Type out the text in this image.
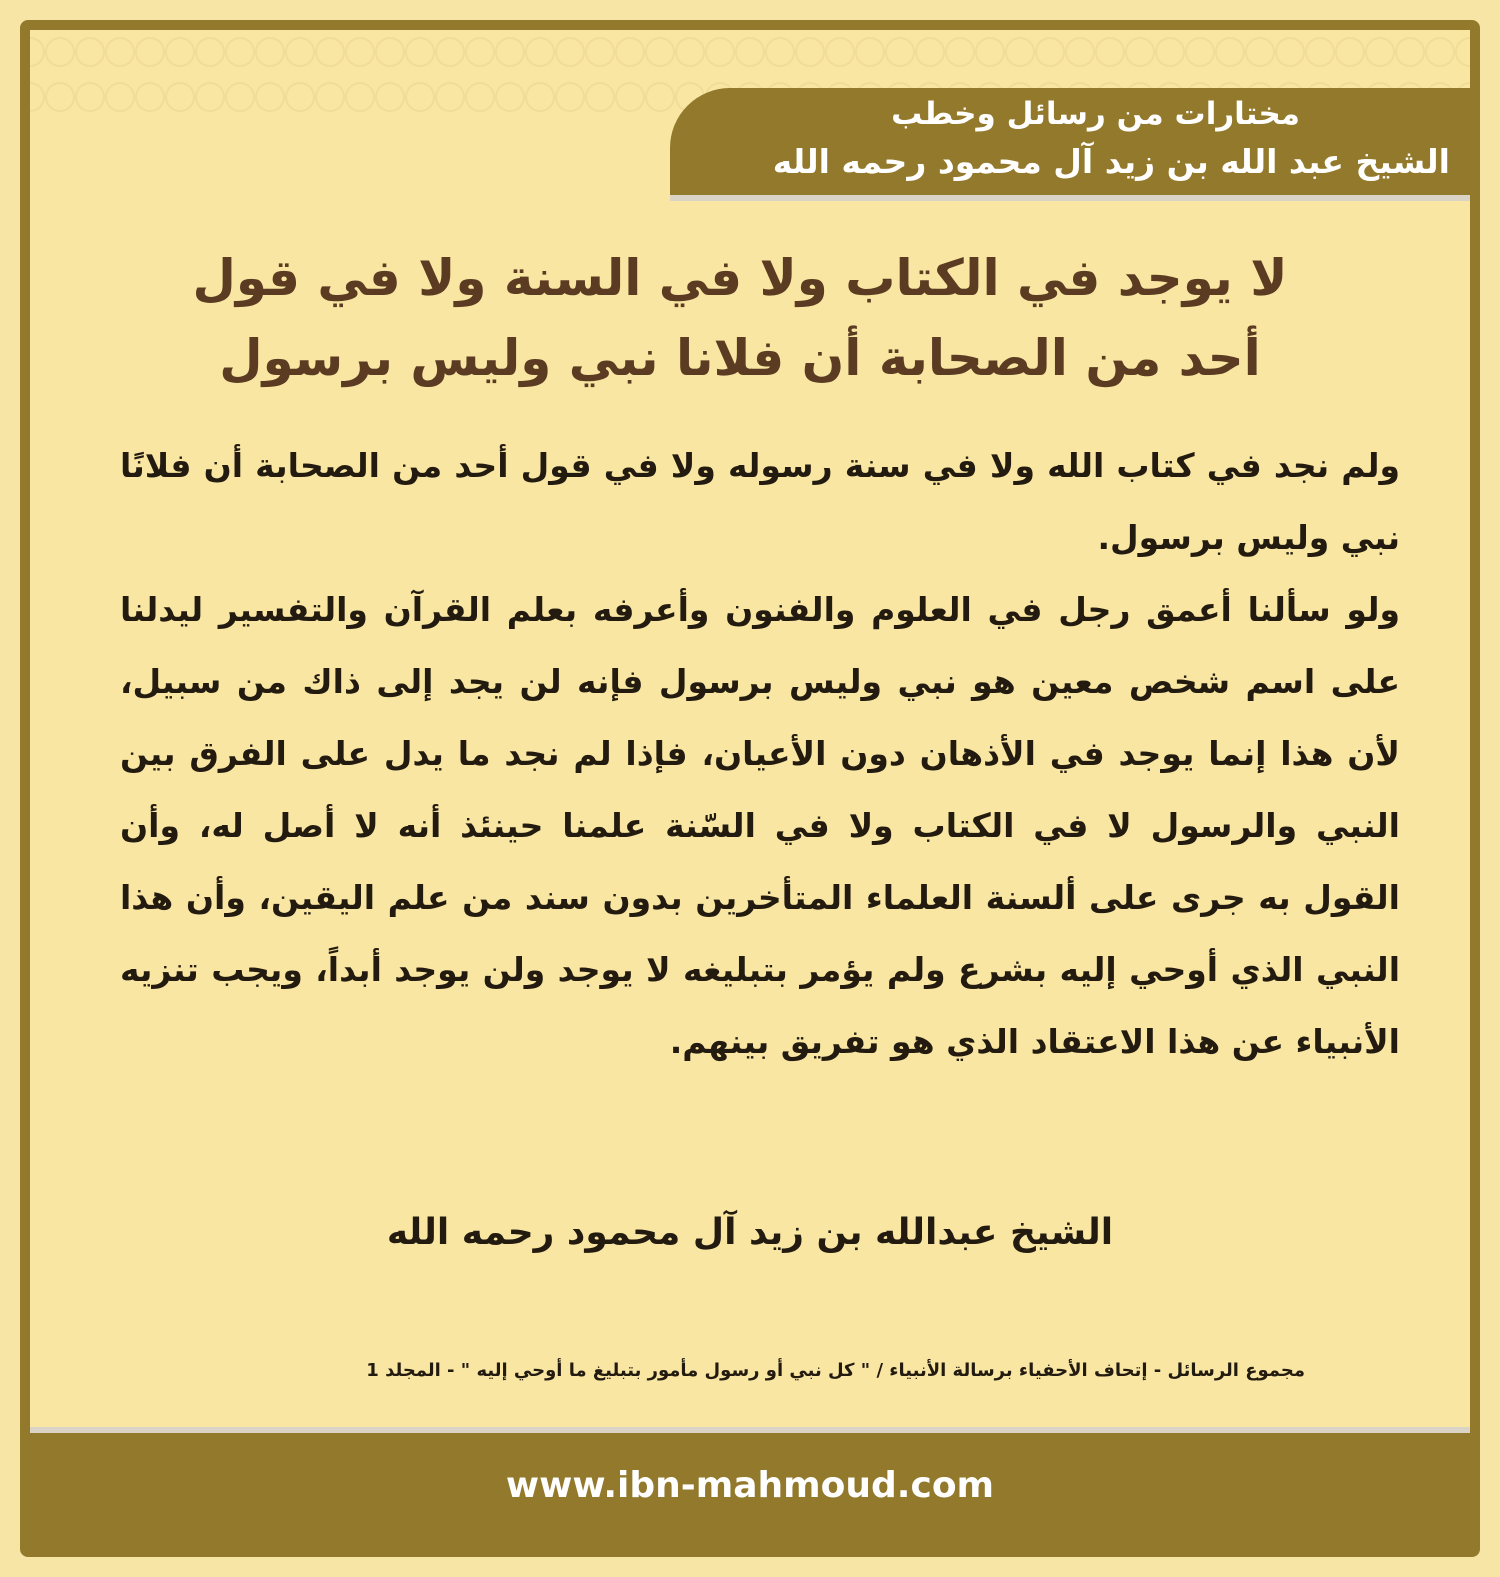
مختارات من رسائل وخطب
الشيخ عبد الله بن زيد آل محمود رحمه الله
لا يوجد في الكتاب ولا في السنة ولا في قول
أحد من الصحابة أن فلانا نبي وليس برسول
ولم نجد في كتاب الله ولا في سنة رسوله ولا في قول أحد من الصحابة أن فلانًا نبي وليس برسول.
ولو سألنا أعمق رجل في العلوم والفنون وأعرفه بعلم القرآن والتفسير ليدلنا على اسم شخص معين هو نبي وليس برسول فإنه لن يجد إلى ذاك من سبيل، لأن هذا إنما يوجد في الأذهان دون الأعيان، فإذا لم نجد ما يدل على الفرق بين النبي والرسول لا في الكتاب ولا في السّنة علمنا حينئذ أنه لا أصل له، وأن القول به جرى على ألسنة العلماء المتأخرين بدون سند من علم اليقين، وأن هذا النبي الذي أوحي إليه بشرع ولم يؤمر بتبليغه لا يوجد ولن يوجد أبداً، ويجب تنزيه الأنبياء عن هذا الاعتقاد الذي هو تفريق بينهم.
الشيخ عبدالله بن زيد آل محمود رحمه الله
مجموع الرسائل - إتحاف الأحفياء برسالة الأنبياء / " كل نبي أو رسول مأمور بتبليغ ما أوحي إليه " - المجلد 1
www.ibn-mahmoud.com
